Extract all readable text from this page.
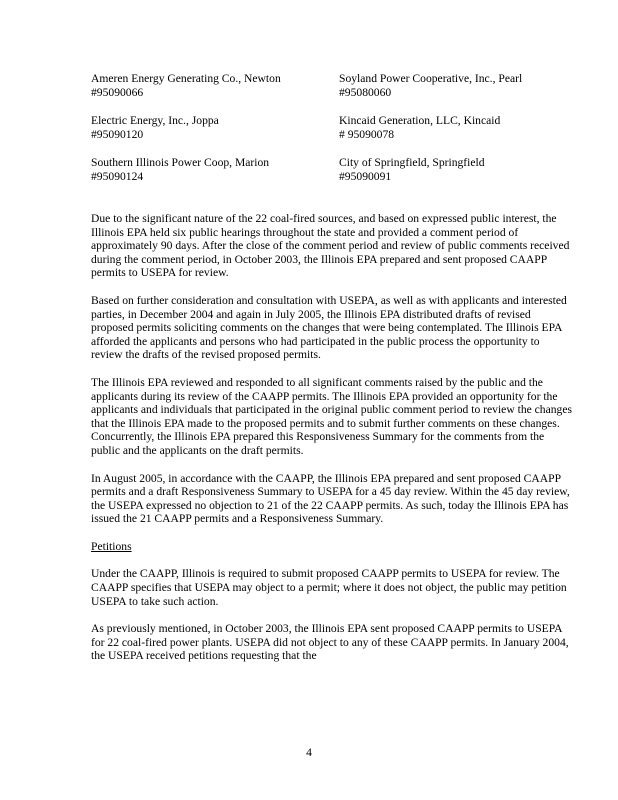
Ameren Energy Generating Co., Newton
#95090066
Soyland Power Cooperative, Inc., Pearl
#95080060
Electric Energy, Inc., Joppa
#95090120
Kincaid Generation, LLC, Kincaid
# 95090078
Southern Illinois Power Coop, Marion
#95090124
City of Springfield, Springfield
#95090091

Due to the significant nature of the 22 coal-fired sources, and based on expressed public interest, the Illinois EPA held six public hearings throughout the state and provided a comment period of approximately 90 days. After the close of the comment period and review of public comments received during the comment period, in October 2003, the Illinois EPA prepared and sent proposed CAAPP permits to USEPA for review.

Based on further consideration and consultation with USEPA, as well as with applicants and interested parties, in December 2004 and again in July 2005, the Illinois EPA distributed drafts of revised proposed permits soliciting comments on the changes that were being contemplated. The Illinois EPA afforded the applicants and persons who had participated in the public process the opportunity to review the drafts of the revised proposed permits.

The Illinois EPA reviewed and responded to all significant comments raised by the public and the applicants during its review of the CAAPP permits. The Illinois EPA provided an opportunity for the applicants and individuals that participated in the original public comment period to review the changes that the Illinois EPA made to the proposed permits and to submit further comments on these changes. Concurrently, the Illinois EPA prepared this Responsiveness Summary for the comments from the public and the applicants on the draft permits.

In August 2005, in accordance with the CAAPP, the Illinois EPA prepared and sent proposed CAAPP permits and a draft Responsiveness Summary to USEPA for a 45 day review. Within the 45 day review, the USEPA expressed no objection to 21 of the 22 CAAPP permits. As such, today the Illinois EPA has issued the 21 CAAPP permits and a Responsiveness Summary.

Petitions

Under the CAAPP, Illinois is required to submit proposed CAAPP permits to USEPA for review. The CAAPP specifies that USEPA may object to a permit; where it does not object, the public may petition USEPA to take such action.

As previously mentioned, in October 2003, the Illinois EPA sent proposed CAAPP permits to USEPA for 22 coal-fired power plants. USEPA did not object to any of these CAAPP permits. In January 2004, the USEPA received petitions requesting that the

4
